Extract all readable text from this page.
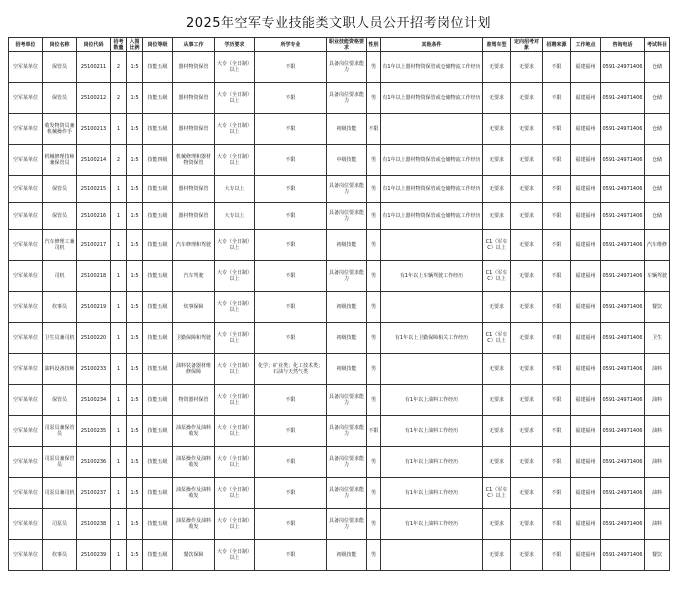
2025年空军专业技能类文职人员公开招考岗位计划
招考单位	岗位名称	岗位代码	招考数量	入围比例	岗位等级	从事工作	学历要求	所学专业	职业技能资格要求	性别	其他条件	准驾车型	定向招考对象	招聘来源	工作地点	咨询电话	考试科目
空军某单位	保管员	25100211	2	1:5	技能五级	器材物资保管	大专（全日制）以上	不限	具备岗位要求能力	男	有1年以上器材物资保管或仓储物流工作经历	无要求	无要求	不限	福建福州	0591-24971406	仓储
空军某单位	保管员	25100212	2	1:5	技能五级	器材物资保管	大专（全日制）以上	不限	具备岗位要求能力	男	有1年以上器材物资保管或仓储物流工作经历	无要求	无要求	不限	福建福州	0591-24971406	仓储
空军某单位	收发物资员兼机械操作手	25100213	1	1:5	技能五级	器材物资保管	大专（全日制）以上	不限	初级技能	不限		无要求	无要求	不限	福建福州	0591-24971406	仓储
空军某单位	机械修理技师兼保管员	25100214	2	1:5	技能四级	机械修理和器材物资保管	大专（全日制）以上	不限	中级技能	男	有1年以上器材物资保管或仓储物流工作经历	无要求	无要求	不限	福建福州	0591-24971406	仓储
空军某单位	保管员	25100215	1	1:5	技能五级	器材物资保管	大专以上	不限	具备岗位要求能力	男	有1年以上器材物资保管或仓储物流工作经历	无要求	无要求	不限	福建福州	0591-24971406	仓储
空军某单位	保管员	25100216	1	1:5	技能五级	器材物资保管	大专以上	不限	具备岗位要求能力	男	有1年以上器材物资保管或仓储物流工作经历	无要求	无要求	不限	福建福州	0591-24971406	仓储
空军某单位	汽车修理工兼司机	25100217	1	1:5	技能五级	汽车修理和驾驶	大专（全日制）以上	不限	初级技能	男		C1（军车C）以上	无要求	不限	福建福州	0591-24971406	汽车维修
空军某单位	司机	25100218	1	1:5	技能五级	汽车驾驶	大专（全日制）以上	不限	具备岗位要求能力	男	有1年以上车辆驾驶工作经历	C1（军车C）以上	无要求	不限	福建福州	0591-24971406	车辆驾驶
空军某单位	炊事员	25100219	1	1:5	技能五级	炊事保障	大专（全日制）以上	不限	初级技能	男		无要求	无要求	不限	福建福州	0591-24971406	餐饮
空军某单位	卫生员兼司机	25100220	1	1:5	技能五级	卫勤保障和驾驶	大专（全日制）以上	不限	初级技能	男	有1年以上卫勤保障相关工作经历	C1（军车C）以上	无要求	不限	福建福州	0591-24971406	卫生
空军某单位	油料设备技师	25100233	1	1:5	技能五级	油料装备器材维修保障	大专（全日制）以上	化学；矿业类；化工技术类；石油与天然气类	初级技能	男		无要求	无要求	不限	福建福州	0591-24971406	油料
空军某单位	保管员	25100234	1	1:5	技能五级	物资器材保管	大专（全日制）以上	不限	具备岗位要求能力	男	有1年以上油料工作经历	无要求	无要求	不限	福建福州	0591-24971406	油料
空军某单位	司泵员兼保管员	25100235	1	1:5	技能五级	油泵操作及油料收发	大专（全日制）以上	不限	具备岗位要求能力	不限	有1年以上油料工作经历	无要求	无要求	不限	福建福州	0591-24971406	油料
空军某单位	司泵员兼保管员	25100236	1	1:5	技能五级	油泵操作及油料收发	大专（全日制）以上	不限	具备岗位要求能力	男	有1年以上油料工作经历	无要求	无要求	不限	福建福州	0591-24971406	油料
空军某单位	司泵员兼司机	25100237	1	1:5	技能五级	油泵操作及油料收发	大专（全日制）以上	不限	具备岗位要求能力	男	有1年以上油料工作经历	C1（军车C）以上	无要求	不限	福建福州	0591-24971406	油料
空军某单位	司泵员	25100238	1	1:5	技能五级	油泵操作及油料收发	大专（全日制）以上	不限	具备岗位要求能力	男	有1年以上油料工作经历	无要求	无要求	不限	福建福州	0591-24971406	油料
空军某单位	炊事员	25100239	1	1:5	技能五级	餐饮保障	大专（全日制）以上	不限	初级技能	男		无要求	无要求	不限	福建福州	0591-24971406	餐饮
